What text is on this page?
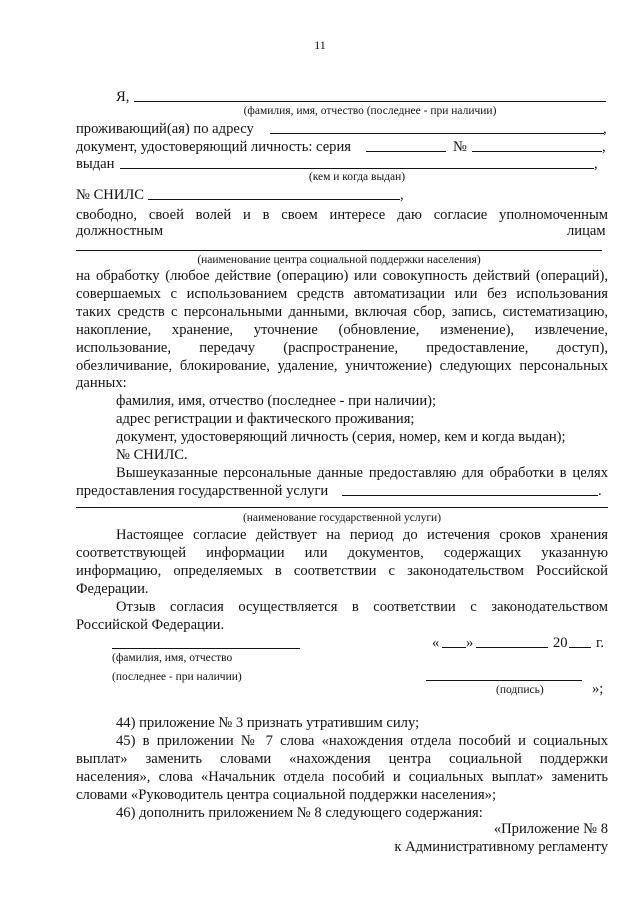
11
Я,
(фамилия, имя, отчество (последнее - при наличии)
проживающий(ая) по адресу	,
документ, удостоверяющий личность: серия	№	,
выдан	,
(кем и когда выдан)
№ СНИЛС	,
свободно, своей волей и в своем интересе даю согласие уполномоченным
должностным	лицам
(наименование центра социальной поддержки населения)
на обработку (любое действие (операцию) или совокупность действий (операций),
совершаемых с использованием средств автоматизации или без использования
таких средств с персональными данными, включая сбор, запись, систематизацию,
накопление, хранение, уточнение (обновление, изменение), извлечение,
использование, передачу (распространение, предоставление, доступ),
обезличивание, блокирование, удаление, уничтожение) следующих персональных
данных:
фамилия, имя, отчество (последнее - при наличии);
адрес регистрации и фактического проживания;
документ, удостоверяющий личность (серия, номер, кем и когда выдан);
№ СНИЛС.
Вышеуказанные персональные данные предоставляю для обработки в целях
предоставления государственной услуги	.
(наименование государственной услуги)
Настоящее согласие действует на период до истечения сроков хранения
соответствующей информации или документов, содержащих указанную
информацию, определяемых в соответствии с законодательством Российской
Федерации.
Отзыв согласия осуществляется в соответствии с законодательством
Российской Федерации.
« »	20 г.
(фамилия, имя, отчество
(последнее - при наличии)
(подпись)	»;
44) приложение № 3 признать утратившим силу;
45) в приложении № 7 слова «нахождения отдела пособий и социальных
выплат» заменить словами «нахождения центра социальной поддержки
населения», слова «Начальник отдела пособий и социальных выплат» заменить
словами «Руководитель центра социальной поддержки населения»;
46) дополнить приложением № 8 следующего содержания:
«Приложение № 8
к Административному регламенту
